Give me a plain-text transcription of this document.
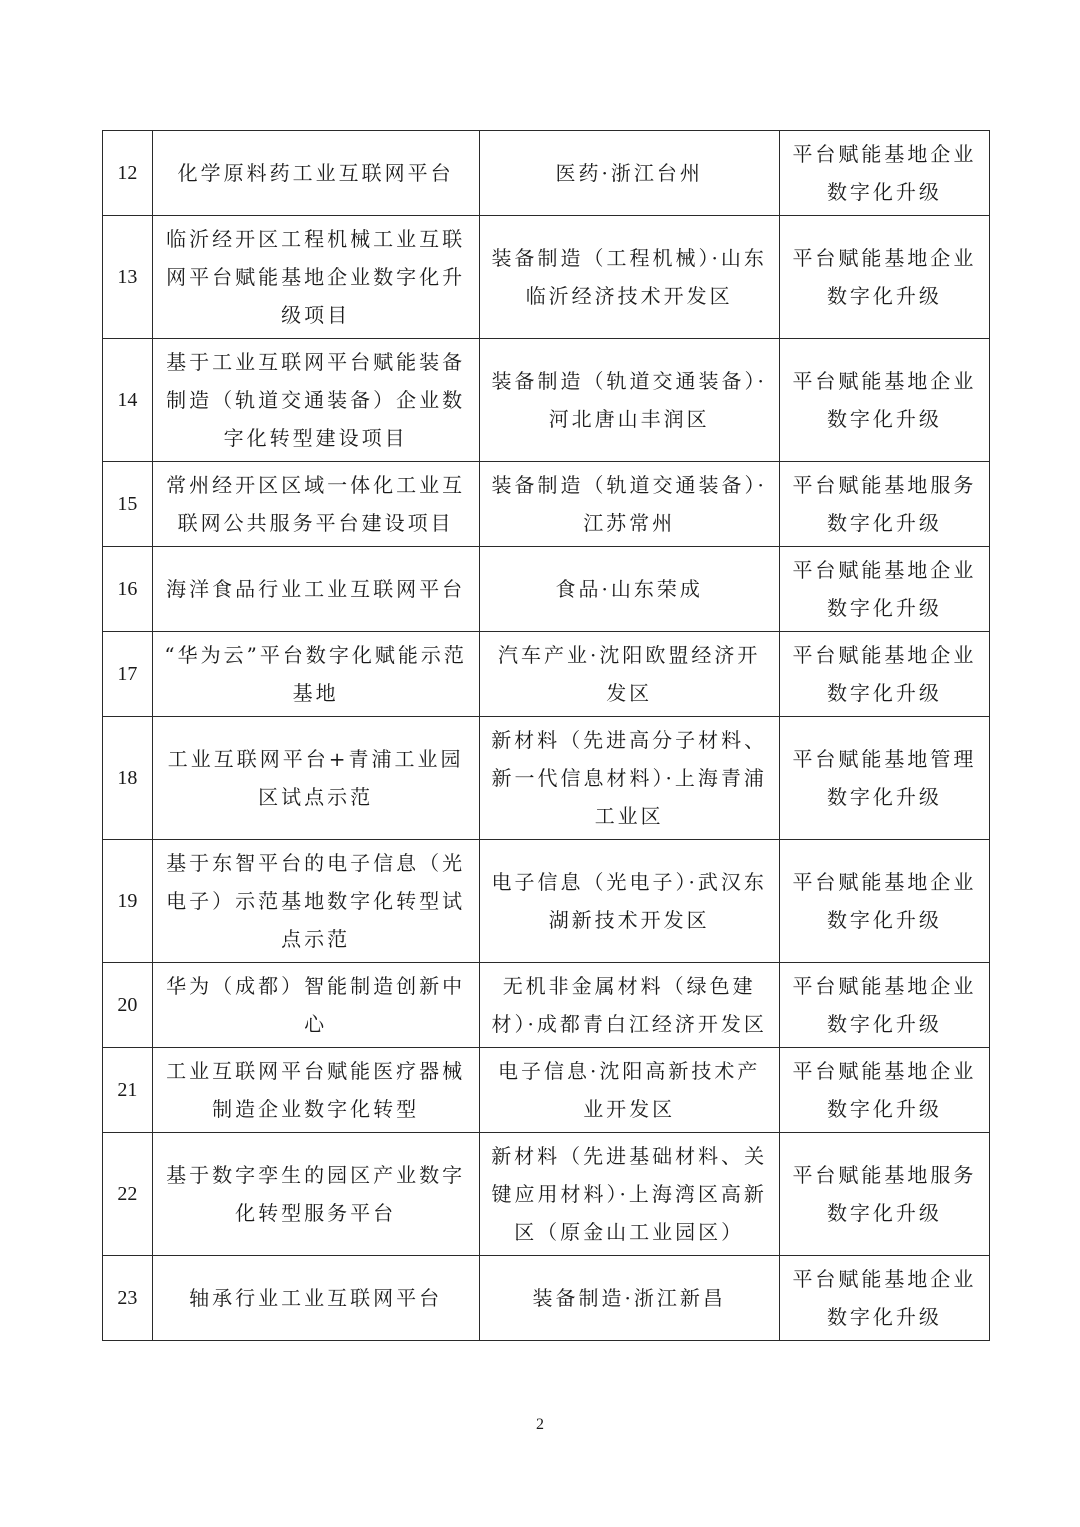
12	化学原料药工业互联网平台	医药·浙江台州	平台赋能基地企业数字化升级
13	临沂经开区工程机械工业互联网平台赋能基地企业数字化升级项目	装备制造（工程机械）·山东临沂经济技术开发区	平台赋能基地企业数字化升级
14	基于工业互联网平台赋能装备制造（轨道交通装备）企业数字化转型建设项目	装备制造（轨道交通装备）·河北唐山丰润区	平台赋能基地企业数字化升级
15	常州经开区区域一体化工业互联网公共服务平台建设项目	装备制造（轨道交通装备）·江苏常州	平台赋能基地服务数字化升级
16	海洋食品行业工业互联网平台	食品·山东荣成	平台赋能基地企业数字化升级
17	“华为云”平台数字化赋能示范基地	汽车产业·沈阳欧盟经济开发区	平台赋能基地企业数字化升级
18	工业互联网平台+青浦工业园区试点示范	新材料（先进高分子材料、新一代信息材料）·上海青浦工业区	平台赋能基地管理数字化升级
19	基于东智平台的电子信息（光电子）示范基地数字化转型试点示范	电子信息（光电子）·武汉东湖新技术开发区	平台赋能基地企业数字化升级
20	华为（成都）智能制造创新中心	无机非金属材料（绿色建材）·成都青白江经济开发区	平台赋能基地企业数字化升级
21	工业互联网平台赋能医疗器械制造企业数字化转型	电子信息·沈阳高新技术产业开发区	平台赋能基地企业数字化升级
22	基于数字孪生的园区产业数字化转型服务平台	新材料（先进基础材料、关键应用材料）·上海湾区高新区（原金山工业园区）	平台赋能基地服务数字化升级
23	轴承行业工业互联网平台	装备制造·浙江新昌	平台赋能基地企业数字化升级
2
